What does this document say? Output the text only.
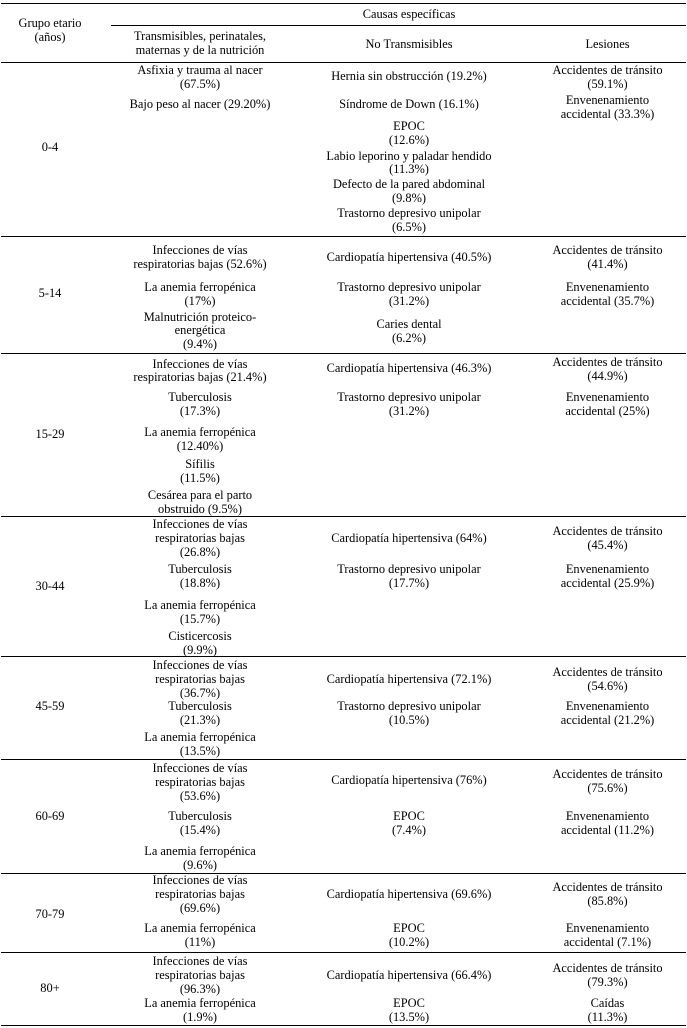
Grupo etario
(años)
Causas específicas
Transmisibles, perinatales,
maternas y de la nutrición	No Transmisibles	Lesiones
0-4
Asfixia y trauma al nacer
(67.5%)
Bajo peso al nacer (29.20%)
Hernia sin obstrucción (19.2%)
Síndrome de Down (16.1%)
EPOC
(12.6%)
Labio leporino y paladar hendido
(11.3%)
Defecto de la pared abdominal
(9.8%)
Trastorno depresivo unipolar
(6.5%)
Accidentes de tránsito
(59.1%)
Envenenamiento
accidental (33.3%)
5-14
Infecciones de vías
respiratorias bajas (52.6%)
La anemia ferropénica
(17%)
Malnutrición proteico-
energética
(9.4%)
Cardiopatía hipertensiva (40.5%)
Trastorno depresivo unipolar
(31.2%)
Caries dental
(6.2%)
Accidentes de tránsito
(41.4%)
Envenenamiento
accidental (35.7%)
15-29
Infecciones de vías
respiratorias bajas (21.4%)
Tuberculosis
(17.3%)
La anemia ferropénica
(12.40%)
Sífilis
(11.5%)
Cesárea para el parto
obstruido (9.5%)
Cardiopatía hipertensiva (46.3%)
Trastorno depresivo unipolar
(31.2%)
Accidentes de tránsito
(44.9%)
Envenenamiento
accidental (25%)
30-44
Infecciones de vías
respiratorias bajas
(26.8%)
Tuberculosis
(18.8%)
La anemia ferropénica
(15.7%)
Cisticercosis
(9.9%)
Cardiopatía hipertensiva (64%)
Trastorno depresivo unipolar
(17.7%)
Accidentes de tránsito
(45.4%)
Envenenamiento
accidental (25.9%)
45-59
Infecciones de vías
respiratorias bajas
(36.7%)
Tuberculosis
(21.3%)
La anemia ferropénica
(13.5%)
Cardiopatía hipertensiva (72.1%)
Trastorno depresivo unipolar
(10.5%)
Accidentes de tránsito
(54.6%)
Envenenamiento
accidental (21.2%)
60-69
Infecciones de vías
respiratorias bajas
(53.6%)
Tuberculosis
(15.4%)
La anemia ferropénica
(9.6%)
Cardiopatía hipertensiva (76%)
EPOC
(7.4%)
Accidentes de tránsito
(75.6%)
Envenenamiento
accidental (11.2%)
70-79
Infecciones de vías
respiratorias bajas
(69.6%)
La anemia ferropénica
(11%)
Cardiopatía hipertensiva (69.6%)
EPOC
(10.2%)
Accidentes de tránsito
(85.8%)
Envenenamiento
accidental (7.1%)
80+
Infecciones de vías
respiratorias bajas
(96.3%)
La anemia ferropénica
(1.9%)
Cardiopatía hipertensiva (66.4%)
EPOC
(13.5%)
Accidentes de tránsito
(79.3%)
Caídas
(11.3%)
